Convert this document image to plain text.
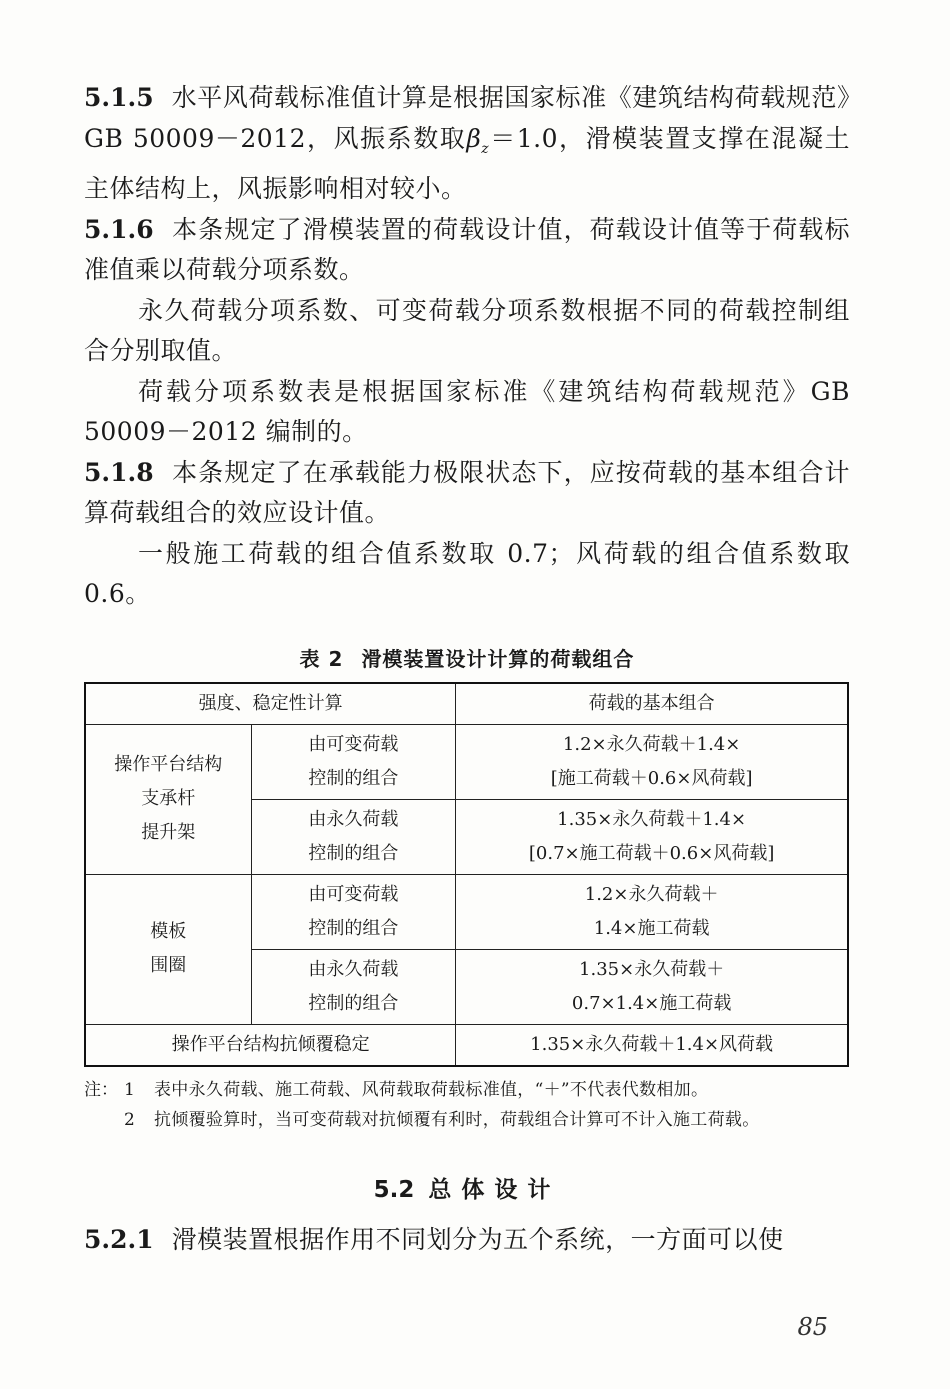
5.1.5 水平风荷载标准值计算是根据国家标准《建筑结构荷载规范》GB 50009－2012，风振系数取$\beta_z=1.0$，滑模装置支撑在混凝土主体结构上，风振影响相对较小。

5.1.6 本条规定了滑模装置的荷载设计值，荷载设计值等于荷载标准值乘以荷载分项系数。

永久荷载分项系数、可变荷载分项系数根据不同的荷载控制组合分别取值。

荷载分项系数表是根据国家标准《建筑结构荷载规范》GB 50009－2012 编制的。

5.1.8 本条规定了在承载能力极限状态下，应按荷载的基本组合计算荷载组合的效应设计值。

一般施工荷载的组合值系数取 0.7；风荷载的组合值系数取 0.6。

表 2 滑模装置设计计算的荷载组合
强度、稳定性计算		荷载的基本组合

操作平台结构
支承杆
提升架	由可变荷载
控制的组合	1.2×永久荷载＋1.4×
[施工荷载＋0.6×风荷载]

	由永久荷载
控制的组合	1.35×永久荷载＋1.4×
[0.7×施工荷载＋0.6×风荷载]

模板
围圈	由可变荷载
控制的组合	1.2×永久荷载＋
1.4×施工荷载

	由永久荷载
控制的组合	1.35×永久荷载＋
0.7×1.4×施工荷载

操作平台结构抗倾覆稳定		1.35×永久荷载＋1.4×风荷载
注： 1	表中永久荷载、施工荷载、风荷载取荷载标准值，“＋”不代表代数相加。
2	抗倾覆验算时，当可变荷载对抗倾覆有利时，荷载组合计算可不计入施工荷载。
5.2 总体设计

5.2.1 滑模装置根据作用不同划分为五个系统，一方面可以使

85
